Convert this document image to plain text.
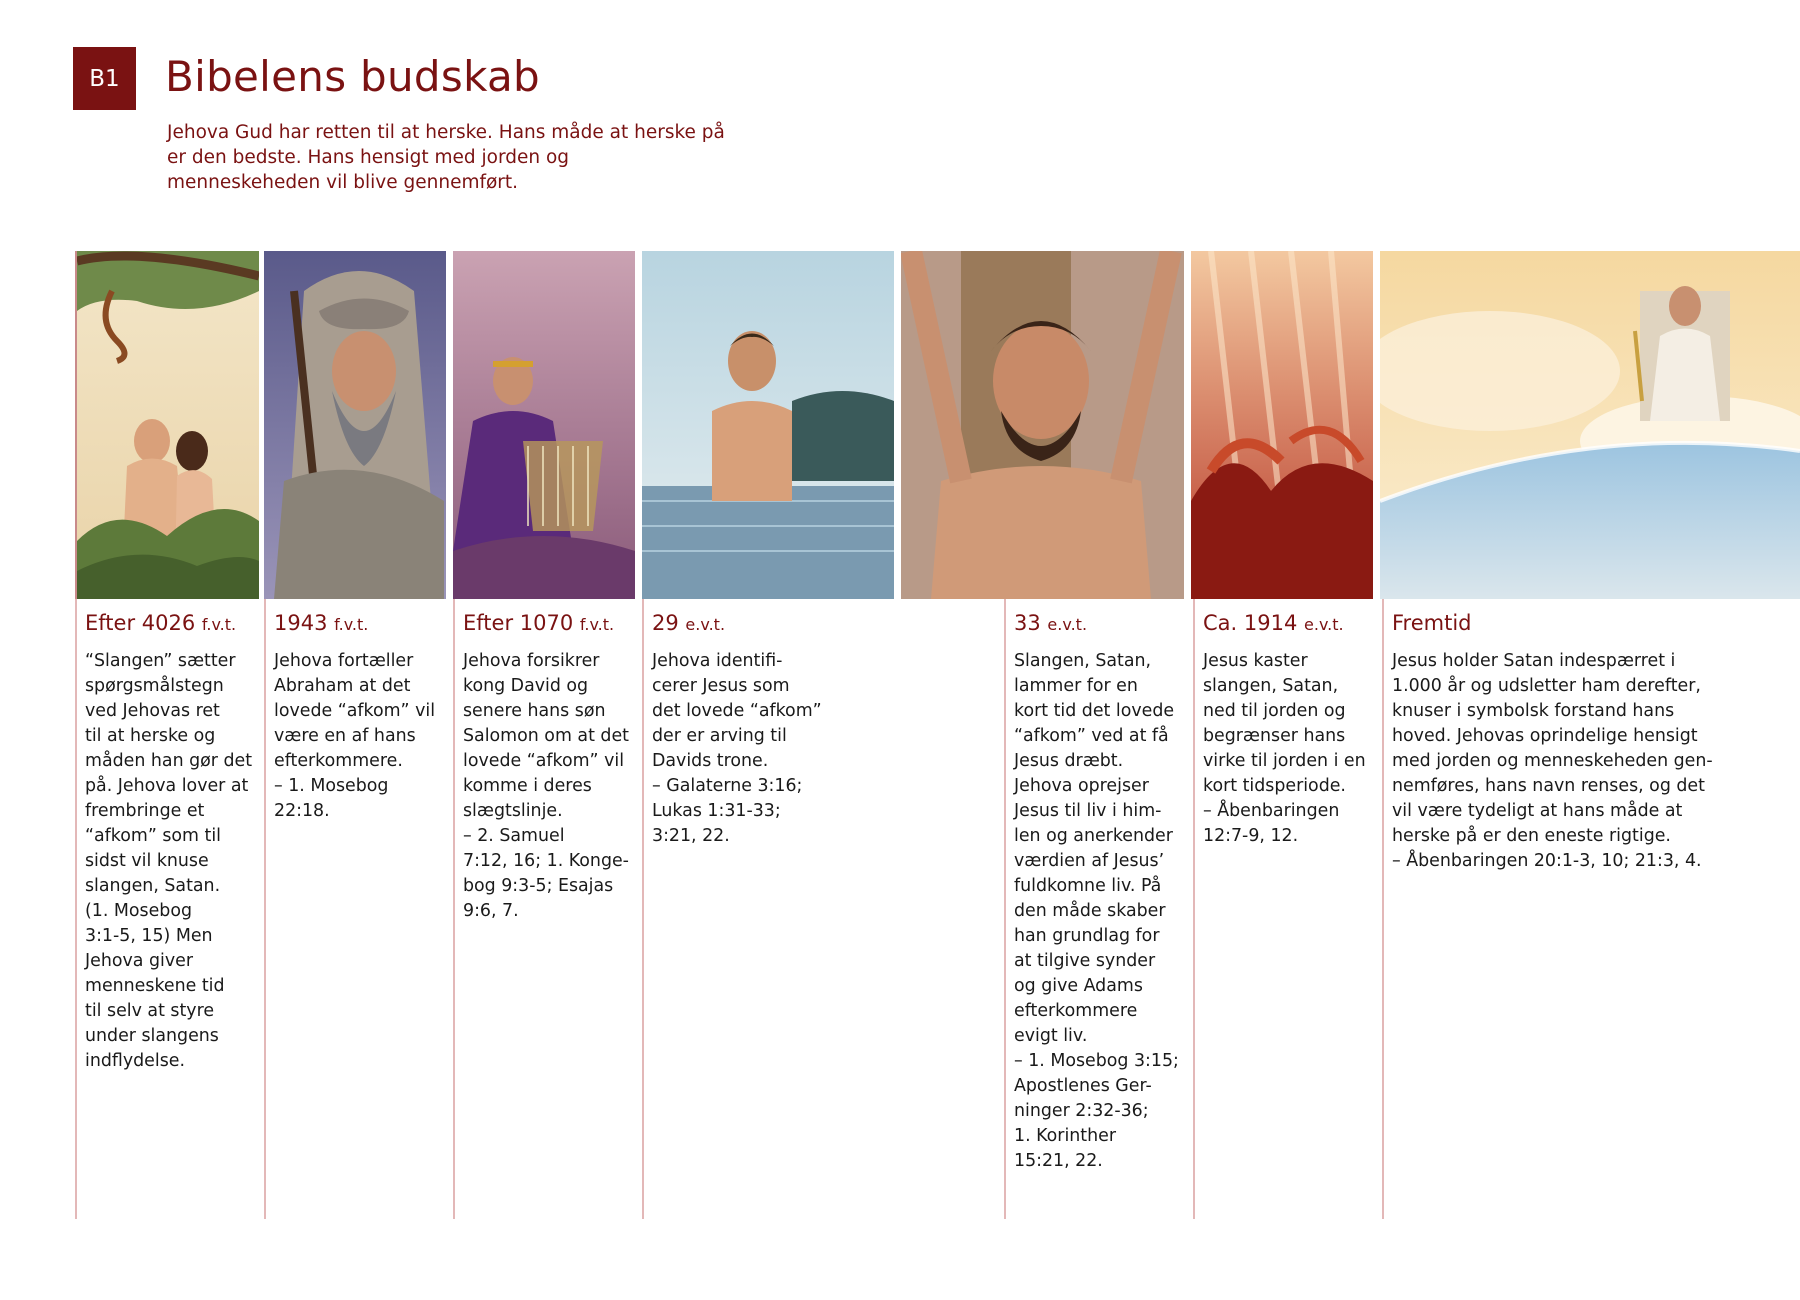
B1	Bibelens budskab

Jehova Gud har retten til at herske. Hans måde at herske på er den bedste. Hans hensigt med jorden og menneskeheden vil blive gennemført.

Efter 4026 f.v.t.

“Slangen” sætter
spørgsmålstegn
ved Jehovas ret
til at herske og
måden han gør det
på. Jehova lover at
frembringe et
“afkom” som til
sidst vil knuse
slangen, Satan.
(1. Mosebog
3:1-5, 15) Men
Jehova giver
menneskene tid
til selv at styre
under slangens
indflydelse.

1943 f.v.t.

Jehova fortæller
Abraham at det
lovede “afkom” vil
være en af hans
efterkommere.
– 1. Mosebog
22:18.

Efter 1070 f.v.t.

Jehova forsikrer
kong David og
senere hans søn
Salomon om at det
lovede “afkom” vil
komme i deres
slægtslinje.
– 2. Samuel
7:12, 16; 1. Konge-
bog 9:3-5; Esajas
9:6, 7.

29 e.v.t.

Jehova identifi-
cerer Jesus som
det lovede “afkom”
der er arving til
Davids trone.
– Galaterne 3:16;
Lukas 1:31-33;
3:21, 22.

33 e.v.t.

Slangen, Satan,
lammer for en
kort tid det lovede
“afkom” ved at få
Jesus dræbt.
Jehova oprejser
Jesus til liv i him-
len og anerkender
værdien af Jesus’
fuldkomne liv. På
den måde skaber
han grundlag for
at tilgive synder
og give Adams
efterkommere
evigt liv.
– 1. Mosebog 3:15;
Apostlenes Ger-
ninger 2:32-36;
1. Korinther
15:21, 22.

Ca. 1914 e.v.t.

Jesus kaster
slangen, Satan,
ned til jorden og
begrænser hans
virke til jorden i en
kort tidsperiode.
– Åbenbaringen
12:7-9, 12.

Fremtid

Jesus holder Satan indespærret i
1.000 år og udsletter ham derefter,
knuser i symbolsk forstand hans
hoved. Jehovas oprindelige hensigt
med jorden og menneskeheden gen-
nemføres, hans navn renses, og det
vil være tydeligt at hans måde at
herske på er den eneste rigtige.
– Åbenbaringen 20:1-3, 10; 21:3, 4.
